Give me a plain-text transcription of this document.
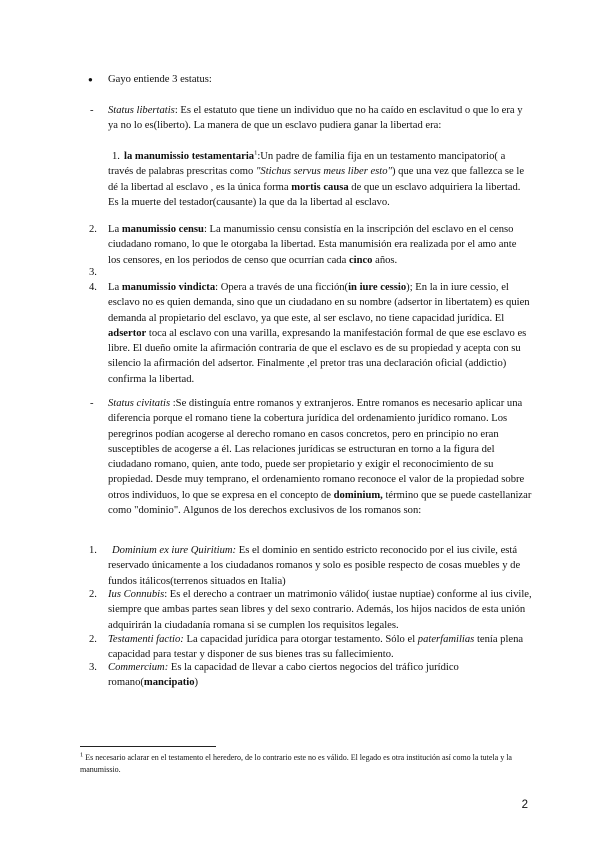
● Gayo entiende 3 estatus:
- Status libertatis: Es el estatuto que tiene un individuo que no ha caído en esclavitud o que lo era y ya no lo es(liberto). La manera de que un esclavo pudiera ganar la libertad era:
1. la manumissio testamentaria$^1$:Un padre de familia fija en un testamento mancipatorio( a través de palabras prescritas como "Stichus servus meus liber esto") que una vez que fallezca se le dé la libertad al esclavo , es la única forma mortis causa de que un esclavo adquiriera la libertad. Es la muerte del testador(causante) la que da la libertad al esclavo.
2. La manumissio censu: La manumissio censu consistía en la inscripción del esclavo en el censo ciudadano romano, lo que le otorgaba la libertad. Esta manumisión era realizada por el amo ante los censores, en los periodos de censo que ocurrían cada cinco años.
3.
4. La manumissio vindicta: Opera a través de una ficción(in iure cessio); En la in iure cessio, el esclavo no es quien demanda, sino que un ciudadano en su nombre (adsertor in libertatem) es quien demanda al propietario del esclavo, ya que este, al ser esclavo, no tiene capacidad jurídica. El adsertor toca al esclavo con una varilla, expresando la manifestación formal de que ese esclavo es libre. El dueño omite la afirmación contraria de que el esclavo es de su propiedad y acepta con su silencio la afirmación del adsertor. Finalmente ,el pretor tras una declaración oficial (addictio) confirma la libertad.
- Status civitatis :Se distinguía entre romanos y extranjeros. Entre romanos es necesario aplicar una diferencia porque el romano tiene la cobertura jurídica del ordenamiento jurídico romano. Los peregrinos podían acogerse al derecho romano en casos concretos, pero en principio no eran susceptibles de acogerse a él. Las relaciones jurídicas se estructuran en torno a la figura del ciudadano romano, quien, ante todo, puede ser propietario y exigir el reconocimiento de su propiedad. Desde muy temprano, el ordenamiento romano reconoce el valor de la propiedad sobre otros individuos, lo que se expresa en el concepto de dominium, término que se puede castellanizar como "dominio". Algunos de los derechos exclusivos de los romanos son:
1.	Dominium ex iure Quiritium: Es el dominio en sentido estricto reconocido por el ius civile, está reservado únicamente a los ciudadanos romanos y solo es posible respecto de cosas muebles y de fundos itálicos(terrenos situados en Italia)
2. Ius Connubis: Es el derecho a contraer un matrimonio válido( iustae nuptiae) conforme al ius civile, siempre que ambas partes sean libres y del sexo contrario. Además, los hijos nacidos de esta unión adquirirán la ciudadanía romana si se cumplen los requisitos legales.
2. Testamenti factio: La capacidad jurídica para otorgar testamento. Sólo el paterfamilias tenía plena capacidad para testar y disponer de sus bienes tras su fallecimiento.
3. Commercium: Es la capacidad de llevar a cabo ciertos negocios del tráfico jurídico romano(mancipatio)
$^1$ Es necesario aclarar en el testamento el heredero, de lo contrario este no es válido. El legado es otra institución así como la tutela y la manumissio.
2
